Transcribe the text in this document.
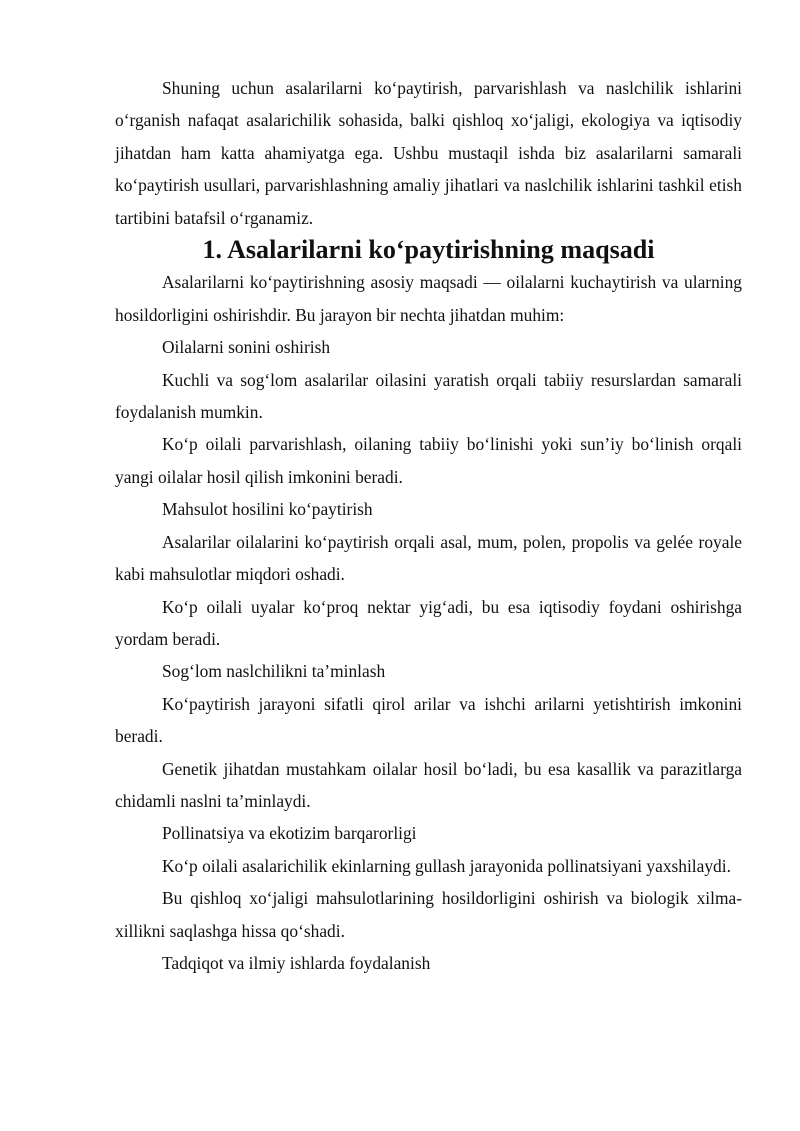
Shuning uchun asalarilarni ko‘paytirish, parvarishlash va naslchilik ishlarini o‘rganish nafaqat asalarichilik sohasida, balki qishloq xo‘jaligi, ekologiya va iqtisodiy jihatdan ham katta ahamiyatga ega. Ushbu mustaqil ishda biz asalarilarni samarali ko‘paytirish usullari, parvarishlashning amaliy jihatlari va naslchilik ishlarini tashkil etish tartibini batafsil o‘rganamiz.

1. Asalarilarni ko‘paytirishning maqsadi

Asalarilarni ko‘paytirishning asosiy maqsadi — oilalarni kuchaytirish va ularning hosildorligini oshirishdir. Bu jarayon bir nechta jihatdan muhim:

Oilalarni sonini oshirish

Kuchli va sog‘lom asalarilar oilasini yaratish orqali tabiiy resurslardan samarali foydalanish mumkin.

Ko‘p oilali parvarishlash, oilaning tabiiy bo‘linishi yoki sun’iy bo‘linish orqali yangi oilalar hosil qilish imkonini beradi.

Mahsulot hosilini ko‘paytirish

Asalarilar oilalarini ko‘paytirish orqali asal, mum, polen, propolis va gelée royale kabi mahsulotlar miqdori oshadi.

Ko‘p oilali uyalar ko‘proq nektar yig‘adi, bu esa iqtisodiy foydani oshirishga yordam beradi.

Sog‘lom naslchilikni ta’minlash

Ko‘paytirish jarayoni sifatli qirol arilar va ishchi arilarni yetishtirish imkonini beradi.

Genetik jihatdan mustahkam oilalar hosil bo‘ladi, bu esa kasallik va parazitlarga chidamli naslni ta’minlaydi.

Pollinatsiya va ekotizim barqarorligi

Ko‘p oilali asalarichilik ekinlarning gullash jarayonida pollinatsiyani yaxshilaydi.

Bu qishloq xo‘jaligi mahsulotlarining hosildorligini oshirish va biologik xilma-xillikni saqlashga hissa qo‘shadi.

Tadqiqot va ilmiy ishlarda foydalanish
